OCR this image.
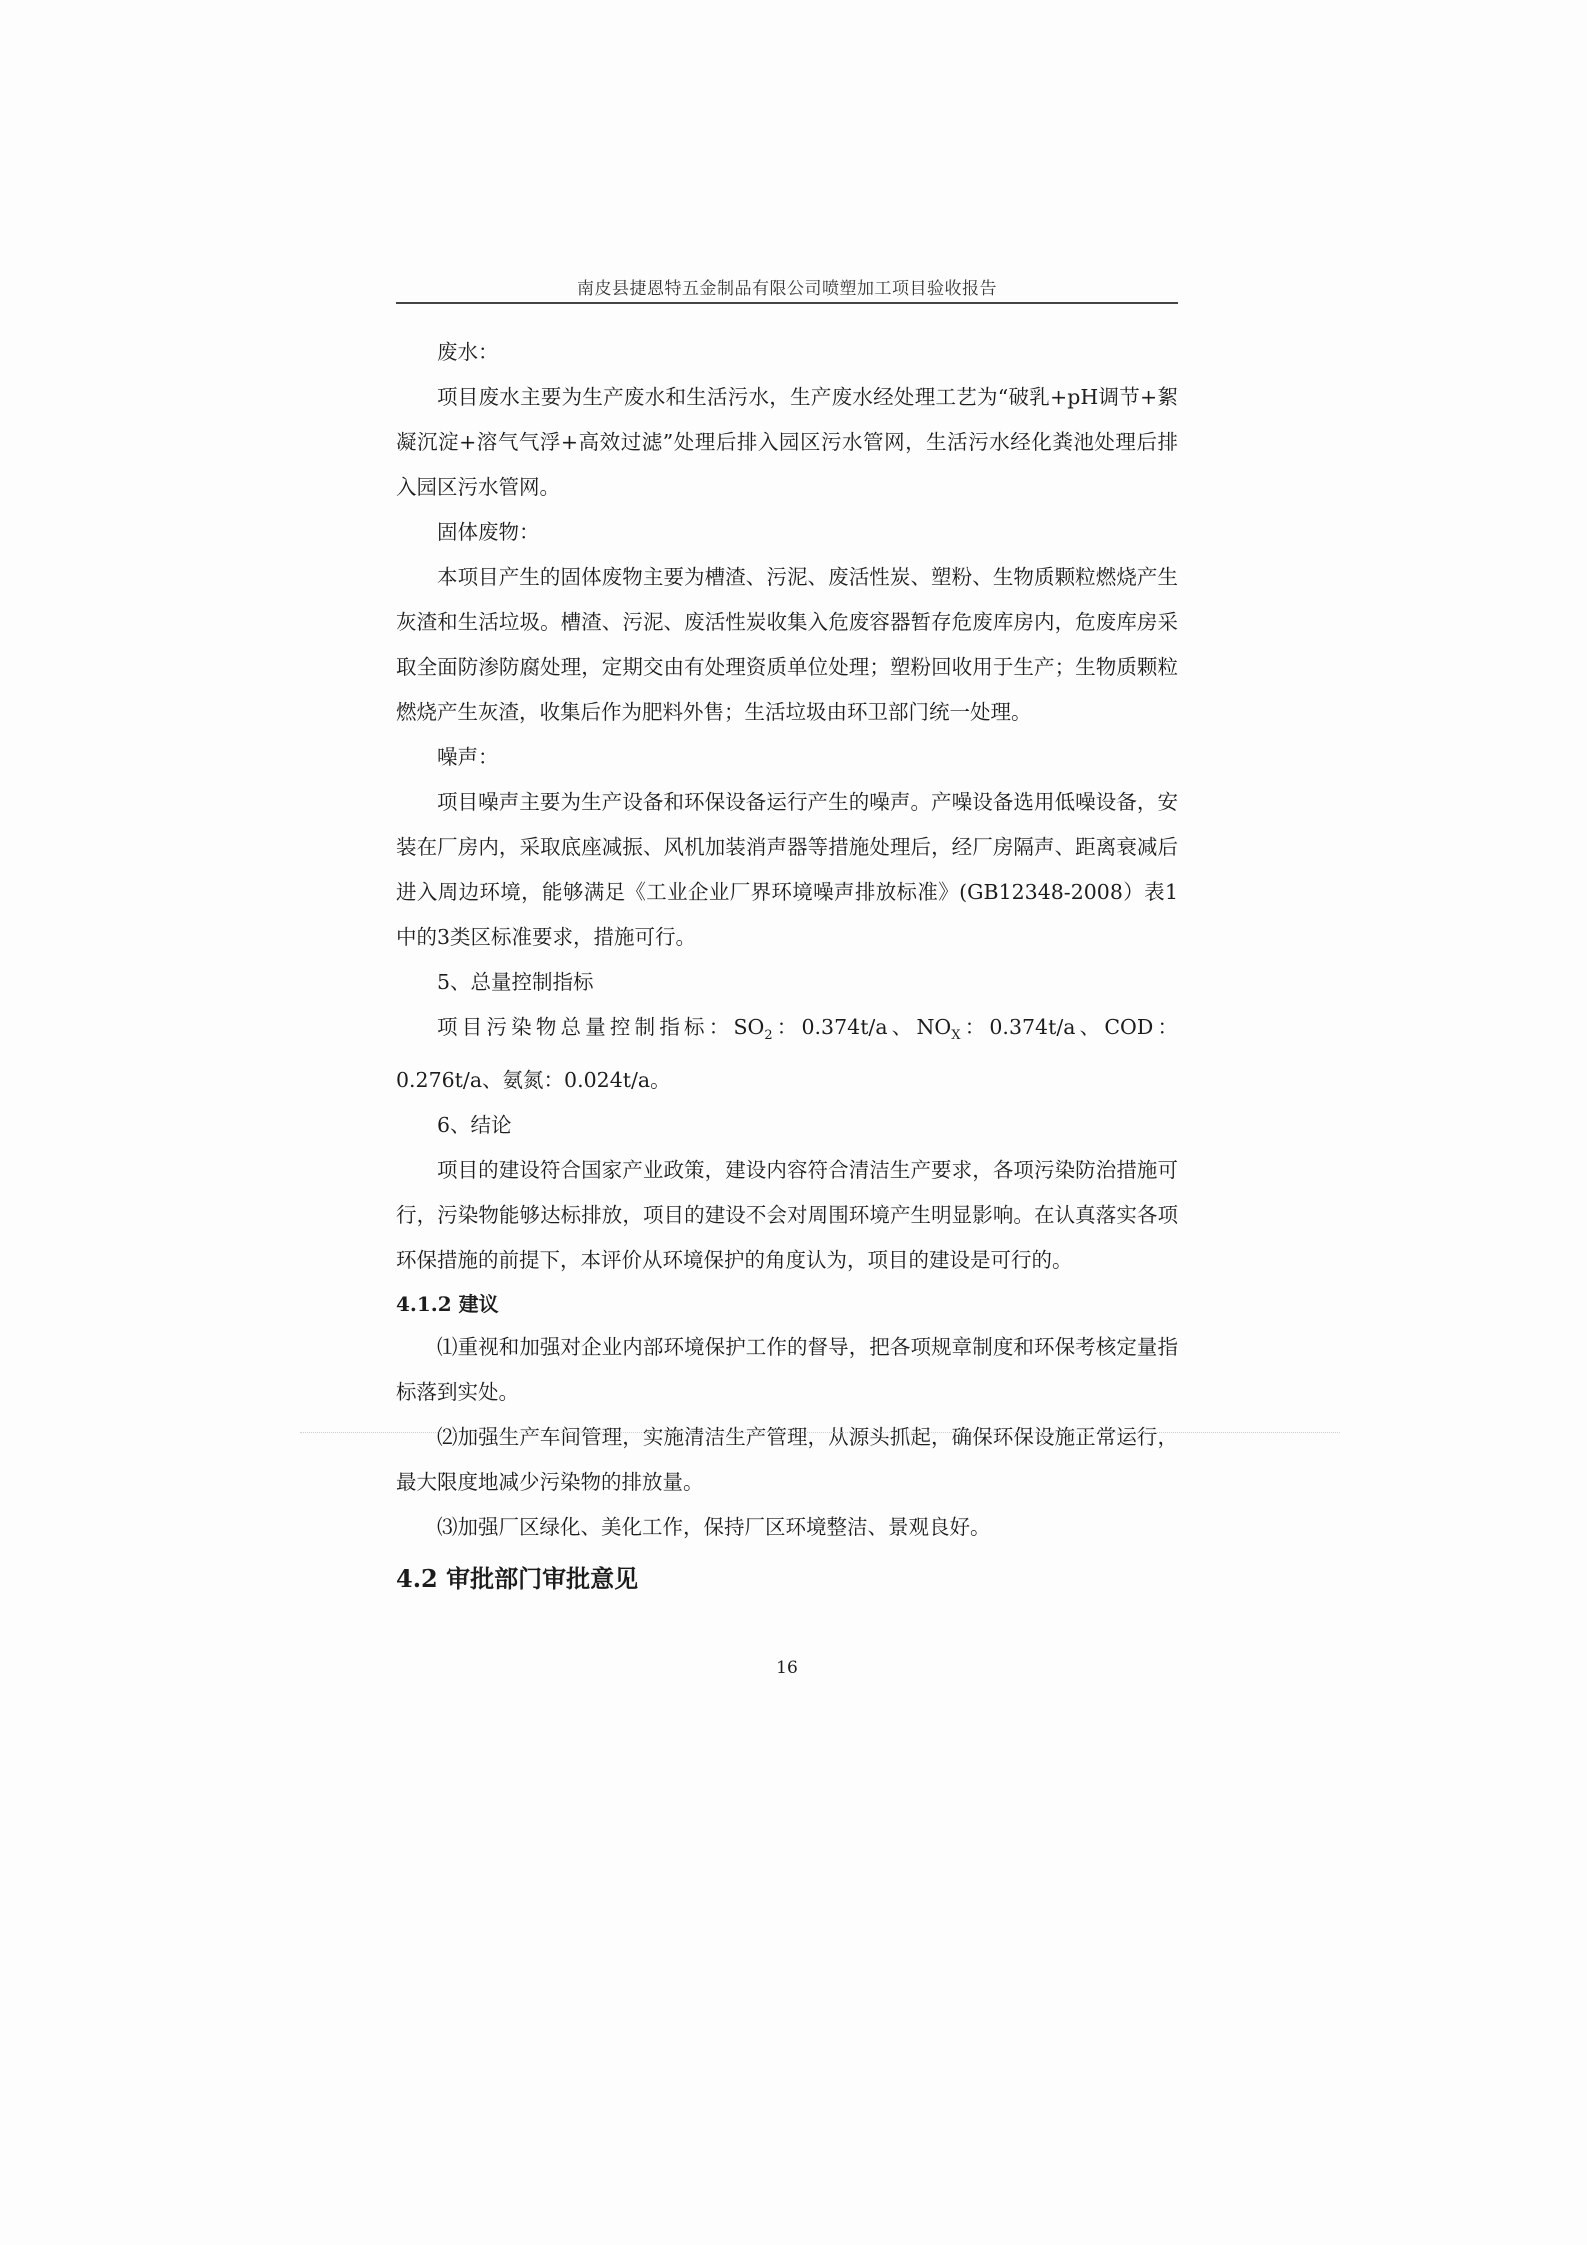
南皮县捷恩特五金制品有限公司喷塑加工项目验收报告

废水：

项目废水主要为生产废水和生活污水，生产废水经处理工艺为“破乳+pH调节+絮凝沉淀+溶气气浮+高效过滤”处理后排入园区污水管网，生活污水经化粪池处理后排入园区污水管网。

固体废物：

本项目产生的固体废物主要为槽渣、污泥、废活性炭、塑粉、生物质颗粒燃烧产生灰渣和生活垃圾。槽渣、污泥、废活性炭收集入危废容器暂存危废库房内，危废库房采取全面防渗防腐处理，定期交由有处理资质单位处理；塑粉回收用于生产；生物质颗粒燃烧产生灰渣，收集后作为肥料外售；生活垃圾由环卫部门统一处理。

噪声：

项目噪声主要为生产设备和环保设备运行产生的噪声。产噪设备选用低噪设备，安装在厂房内，采取底座减振、风机加装消声器等措施处理后，经厂房隔声、距离衰减后进入周边环境，能够满足《工业企业厂界环境噪声排放标准》(GB12348-2008）表1中的3类区标准要求，措施可行。

5、总量控制指标

项目污染物总量控制指标：$SO_2$：0.374t/a、$NO_X$：0.374t/a、COD：0.276t/a、氨氮：0.024t/a。

6、结论

项目的建设符合国家产业政策，建设内容符合清洁生产要求，各项污染防治措施可行，污染物能够达标排放，项目的建设不会对周围环境产生明显影响。在认真落实各项环保措施的前提下，本评价从环境保护的角度认为，项目的建设是可行的。

4.1.2 建议

⑴重视和加强对企业内部环境保护工作的督导，把各项规章制度和环保考核定量指标落到实处。

⑵加强生产车间管理，实施清洁生产管理，从源头抓起，确保环保设施正常运行，最大限度地减少污染物的排放量。

⑶加强厂区绿化、美化工作，保持厂区环境整洁、景观良好。

4.2 审批部门审批意见

16
